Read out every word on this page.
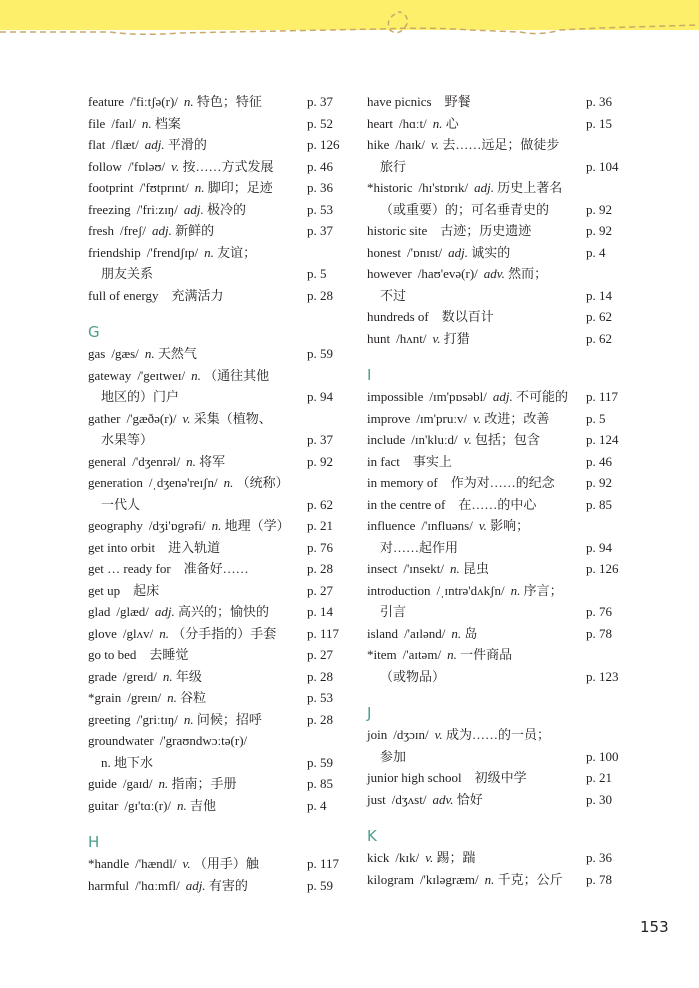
feature /'fiːtʃə(r)/ n. 特色；特征	p. 37
file /faɪl/ n. 档案	p. 52
flat /flæt/ adj. 平滑的	p. 126
follow /'fɒləʊ/ v. 按……方式发展	p. 46
footprint /'fʊtprɪnt/ n. 脚印；足迹	p. 36
freezing /'friːzɪŋ/ adj. 极冷的	p. 53
fresh /freʃ/ adj. 新鲜的	p. 37
friendship /'frendʃɪp/ n. 友谊；
朋友关系	p. 5
full of energy  充满活力	p. 28
G
gas /gæs/ n. 天然气	p. 59
gateway /'geɪtweɪ/ n. （通往其他
地区的）门户	p. 94
gather /'gæðə(r)/ v. 采集（植物、
水果等）	p. 37
general /'dʒenrəl/ n. 将军	p. 92
generation /ˌdʒenə'reɪʃn/ n. （统称）
一代人	p. 62
geography /dʒi'ɒgrəfi/ n. 地理（学） p. 21
get into orbit  进入轨道	p. 76
get … ready for  准备好……	p. 28
get up  起床	p. 27
glad /glæd/ adj. 高兴的；愉快的	p. 14
glove /glʌv/ n. （分手指的）手套 p. 117
go to bed  去睡觉	p. 27
grade /greɪd/ n. 年级	p. 28
*grain /greɪn/ n. 谷粒	p. 53
greeting /'griːtɪŋ/ n. 问候；招呼	p. 28
groundwater /'graʊndwɔːtə(r)/
n. 地下水	p. 59
guide /gaɪd/ n. 指南；手册	p. 85
guitar /gɪ'tɑː(r)/ n. 吉他	p. 4
H
*handle /'hændl/ v. （用手）触	p. 117
harmful /'hɑːmfl/ adj. 有害的	p. 59
have picnics  野餐	p. 36
heart /hɑːt/ n. 心	p. 15
hike /haɪk/ v. 去……远足；做徒步
旅行	p. 104
*historic /hɪ'stɒrɪk/ adj. 历史上著名
（或重要）的；可名垂青史的	p. 92
historic site  古迹；历史遗迹	p. 92
honest /'ɒnɪst/ adj. 诚实的	p. 4
however /haʊ'evə(r)/ adv. 然而；
不过	p. 14
hundreds of  数以百计	p. 62
hunt /hʌnt/ v. 打猎	p. 62
I
impossible /ɪm'pɒsəbl/ adj. 不可能的 p. 117
improve /ɪm'pruːv/ v. 改进；改善	p. 5
include /ɪn'kluːd/ v. 包括；包含	p. 124
in fact  事实上	p. 46
in memory of  作为对……的纪念 p. 92
in the centre of  在……的中心	p. 85
influence /'ɪnfluəns/ v. 影响；
对……起作用	p. 94
insect /'ɪnsekt/ n. 昆虫	p. 126
introduction /ˌɪntrə'dʌkʃn/ n. 序言；
引言	p. 76
island /'aɪlənd/ n. 岛	p. 78
*item /'aɪtəm/ n. 一件商品
（或物品）	p. 123
J
join /dʒɔɪn/ v. 成为……的一员；
参加	p. 100
junior high school  初级中学	p. 21
just /dʒʌst/ adv. 恰好	p. 30
K
kick /kɪk/ v. 踢；踹	p. 36
kilogram /'kɪləgræm/ n. 千克；公斤 p. 78
153
